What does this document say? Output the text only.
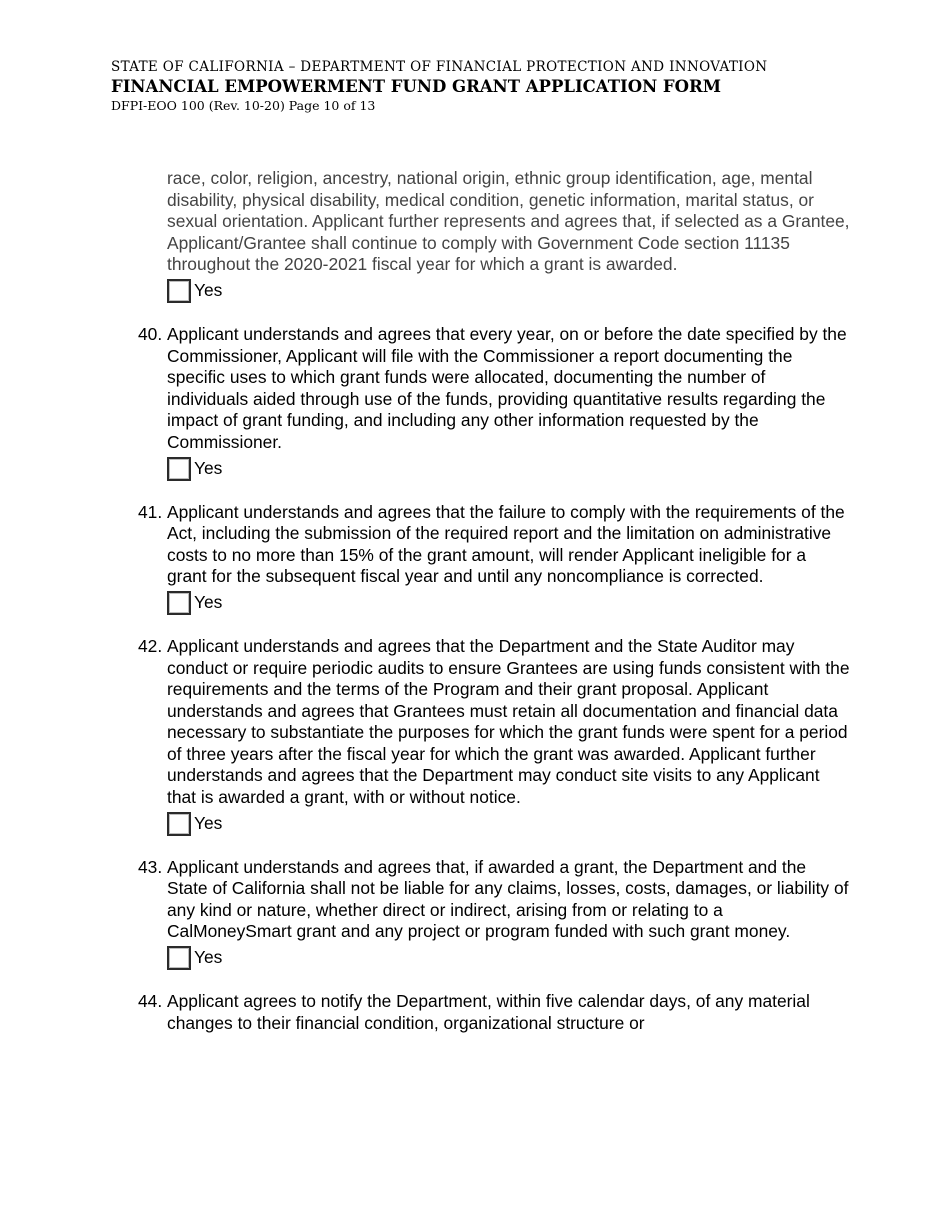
STATE OF CALIFORNIA – DEPARTMENT OF FINANCIAL PROTECTION AND INNOVATION
FINANCIAL EMPOWERMENT FUND GRANT APPLICATION FORM
DFPI-EOO 100 (Rev. 10-20) Page 10 of 13

race, color, religion, ancestry, national origin, ethnic group identification, age, mental disability, physical disability, medical condition, genetic information, marital status, or sexual orientation. Applicant further represents and agrees that, if selected as a Grantee, Applicant/Grantee shall continue to comply with Government Code section 11135 throughout the 2020-2021 fiscal year for which a grant is awarded.

Yes
40. Applicant understands and agrees that every year, on or before the date specified by the Commissioner, Applicant will file with the Commissioner a report documenting the specific uses to which grant funds were allocated, documenting the number of individuals aided through use of the funds, providing quantitative results regarding the impact of grant funding, and including any other information requested by the Commissioner.

Yes
41. Applicant understands and agrees that the failure to comply with the requirements of the Act, including the submission of the required report and the limitation on administrative costs to no more than 15% of the grant amount, will render Applicant ineligible for a grant for the subsequent fiscal year and until any noncompliance is corrected.

Yes
42. Applicant understands and agrees that the Department and the State Auditor may conduct or require periodic audits to ensure Grantees are using funds consistent with the requirements and the terms of the Program and their grant proposal. Applicant understands and agrees that Grantees must retain all documentation and financial data necessary to substantiate the purposes for which the grant funds were spent for a period of three years after the fiscal year for which the grant was awarded. Applicant further understands and agrees that the Department may conduct site visits to any Applicant that is awarded a grant, with or without notice.

Yes
43. Applicant understands and agrees that, if awarded a grant, the Department and the State of California shall not be liable for any claims, losses, costs, damages, or liability of any kind or nature, whether direct or indirect, arising from or relating to a CalMoneySmart grant and any project or program funded with such grant money.

Yes
44. Applicant agrees to notify the Department, within five calendar days, of any material changes to their financial condition, organizational structure or
